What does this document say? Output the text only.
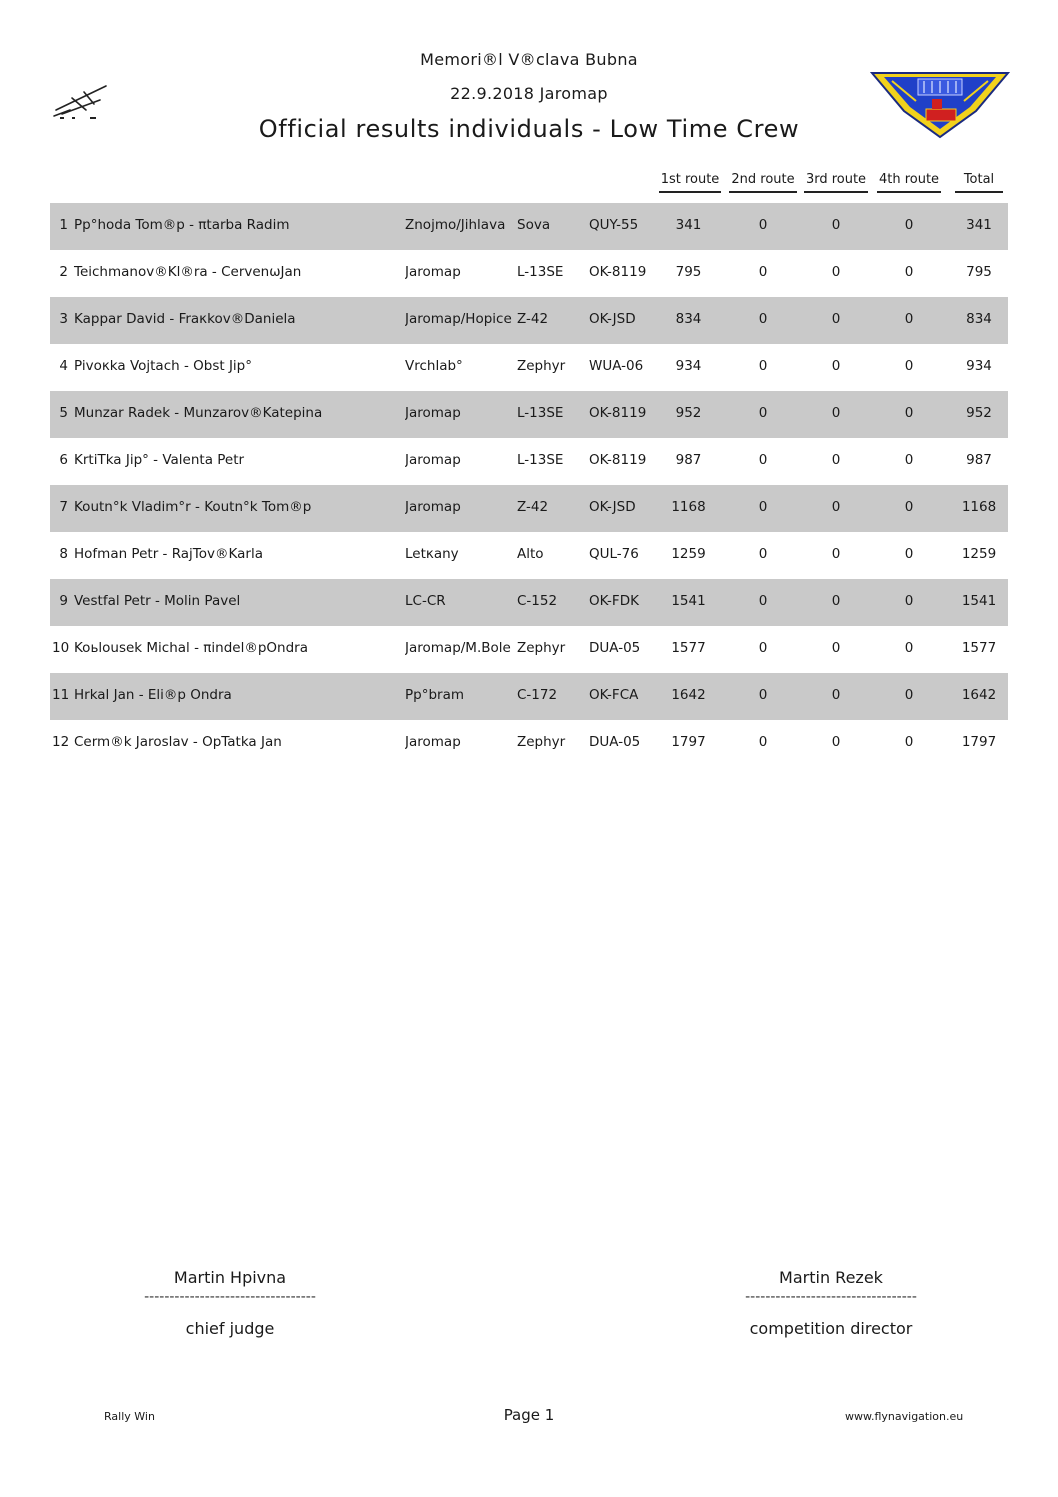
Memori®l V®clava Bubna
22.9.2018 Jaromap
Official results individuals - Low Time Crew
1st route 2nd route 3rd route 4th route	Total
1 Pр°hoda Tom®p - πtarba Radim	Znojmo/Jihlava Sova	QUY-55	341	0	0	0	341
2 Teichmanov®Kl®ra - CervenωJan	Jaromap	L-13SE OK-8119	795	0	0	0	795
3 Kappar David - Fraκkov®Daniela	Jaromap/Hopice Z-42	OK-JSD	834	0	0	0	834
4 Pivoκka Vojtach - Obst Jiр°	Vrchlab°	Zephyr WUA-06	934	0	0	0	934
5 Munzar Radek - Munzarov®Katepina	Jaromap	L-13SE OK-8119	952	0	0	0	952
6 KrtiTka Jiр° - Valenta Petr	Jaromap	L-13SE OK-8119	987	0	0	0	987
7 Koutn°k Vladim°r - Koutn°k Tom®p	Jaromap	Z-42	OK-JSD	1168	0	0	0	1168
8 Hofman Petr - RajTov®Karla	Letκany	Alto	QUL-76	1259	0	0	0	1259
9 Vestfal Petr - Molin Pavel	LC-CR	C-152 OK-FDK	1541	0	0	0	1541
10 Koьlousek Michal - πindel®pOndra	Jaromap/M.Bole Zephyr DUA-05	1577	0	0	0	1577
11 Hrkal Jan - Eli®p Ondra	Pр°bram	C-172 OK-FCA	1642	0	0	0	1642
12 Cerm®k Jaroslav - OpTatka Jan	Jaromap	Zephyr DUA-05	1797	0	0	0	1797
Martin Hрivna
----------------------------------
chief judge
Martin Rezek
----------------------------------
competition director
Rally Win	Page 1	www.flynavigation.eu
